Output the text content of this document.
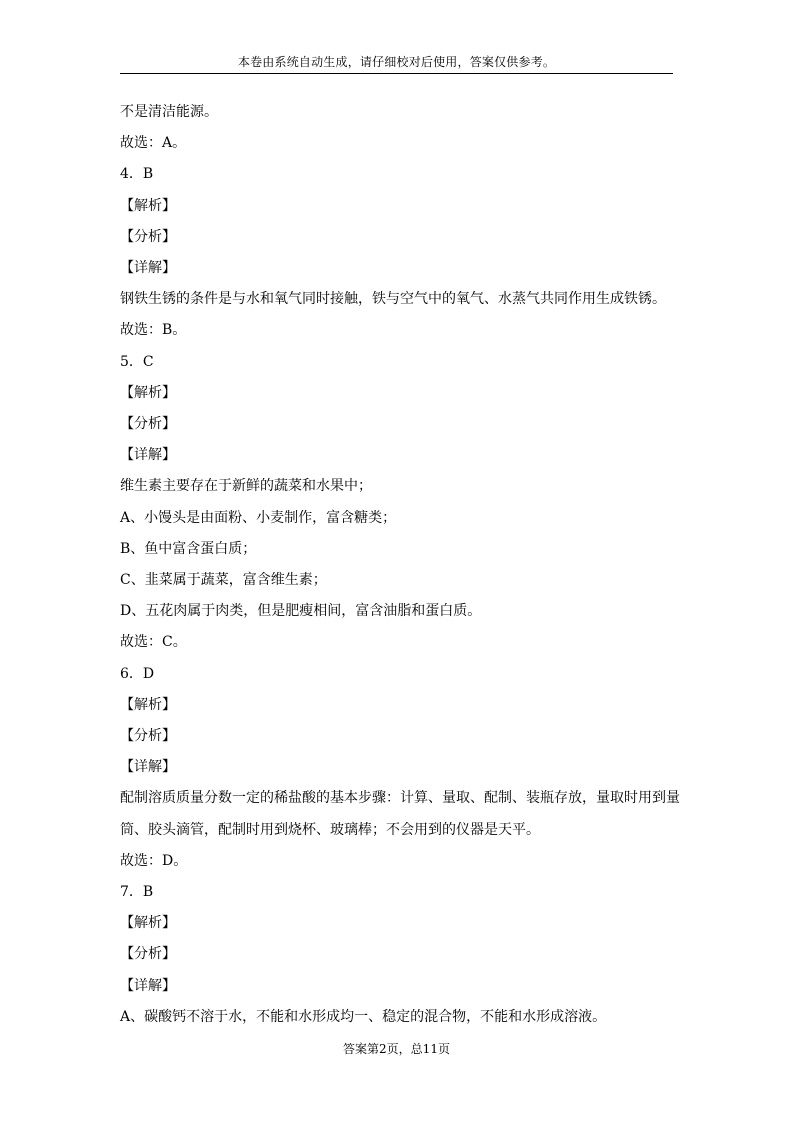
本卷由系统自动生成，请仔细校对后使用，答案仅供参考。
不是清洁能源。
故选：A。
4．B
【解析】
【分析】
【详解】
钢铁生锈的条件是与水和氧气同时接触，铁与空气中的氧气、水蒸气共同作用生成铁锈。
故选：B。
5．C
【解析】
【分析】
【详解】
维生素主要存在于新鲜的蔬菜和水果中；
A、小馒头是由面粉、小麦制作，富含糖类；
B、鱼中富含蛋白质；
C、韭菜属于蔬菜，富含维生素；
D、五花肉属于肉类，但是肥瘦相间，富含油脂和蛋白质。
故选：C。
6．D
【解析】
【分析】
【详解】
配制溶质质量分数一定的稀盐酸的基本步骤：计算、量取、配制、装瓶存放，量取时用到量筒、胶头滴管，配制时用到烧杯、玻璃棒；不会用到的仪器是天平。
故选：D。
7．B
【解析】
【分析】
【详解】
A、碳酸钙不溶于水，不能和水形成均一、稳定的混合物，不能和水形成溶液。
答案第2页，总11页
